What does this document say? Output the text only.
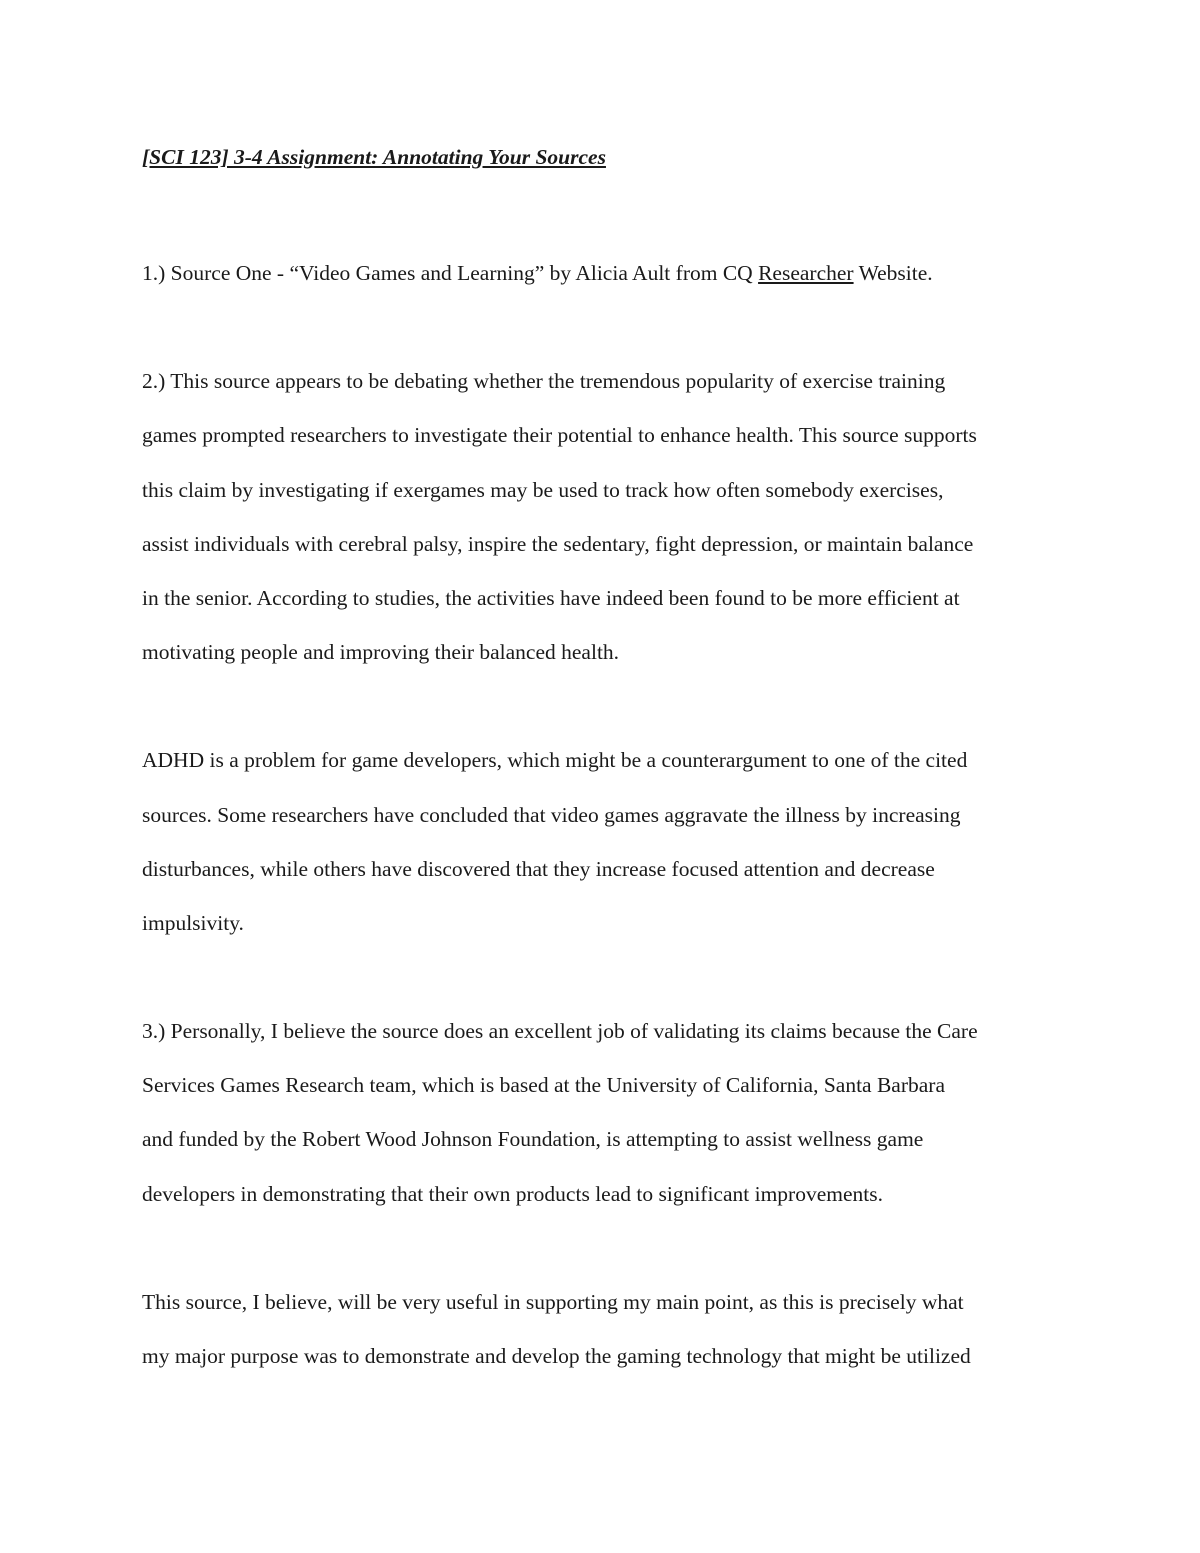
[SCI 123] 3-4 Assignment: Annotating Your Sources

1.) Source One - “Video Games and Learning” by Alicia Ault from CQ Researcher Website.

2.) This source appears to be debating whether the tremendous popularity of exercise training
games prompted researchers to investigate their potential to enhance health. This source supports
this claim by investigating if exergames may be used to track how often somebody exercises,
assist individuals with cerebral palsy, inspire the sedentary, fight depression, or maintain balance
in the senior. According to studies, the activities have indeed been found to be more efficient at
motivating people and improving their balanced health.

ADHD is a problem for game developers, which might be a counterargument to one of the cited
sources. Some researchers have concluded that video games aggravate the illness by increasing
disturbances, while others have discovered that they increase focused attention and decrease
impulsivity.

3.) Personally, I believe the source does an excellent job of validating its claims because the Care
Services Games Research team, which is based at the University of California, Santa Barbara
and funded by the Robert Wood Johnson Foundation, is attempting to assist wellness game
developers in demonstrating that their own products lead to significant improvements.

This source, I believe, will be very useful in supporting my main point, as this is precisely what
my major purpose was to demonstrate and develop the gaming technology that might be utilized
